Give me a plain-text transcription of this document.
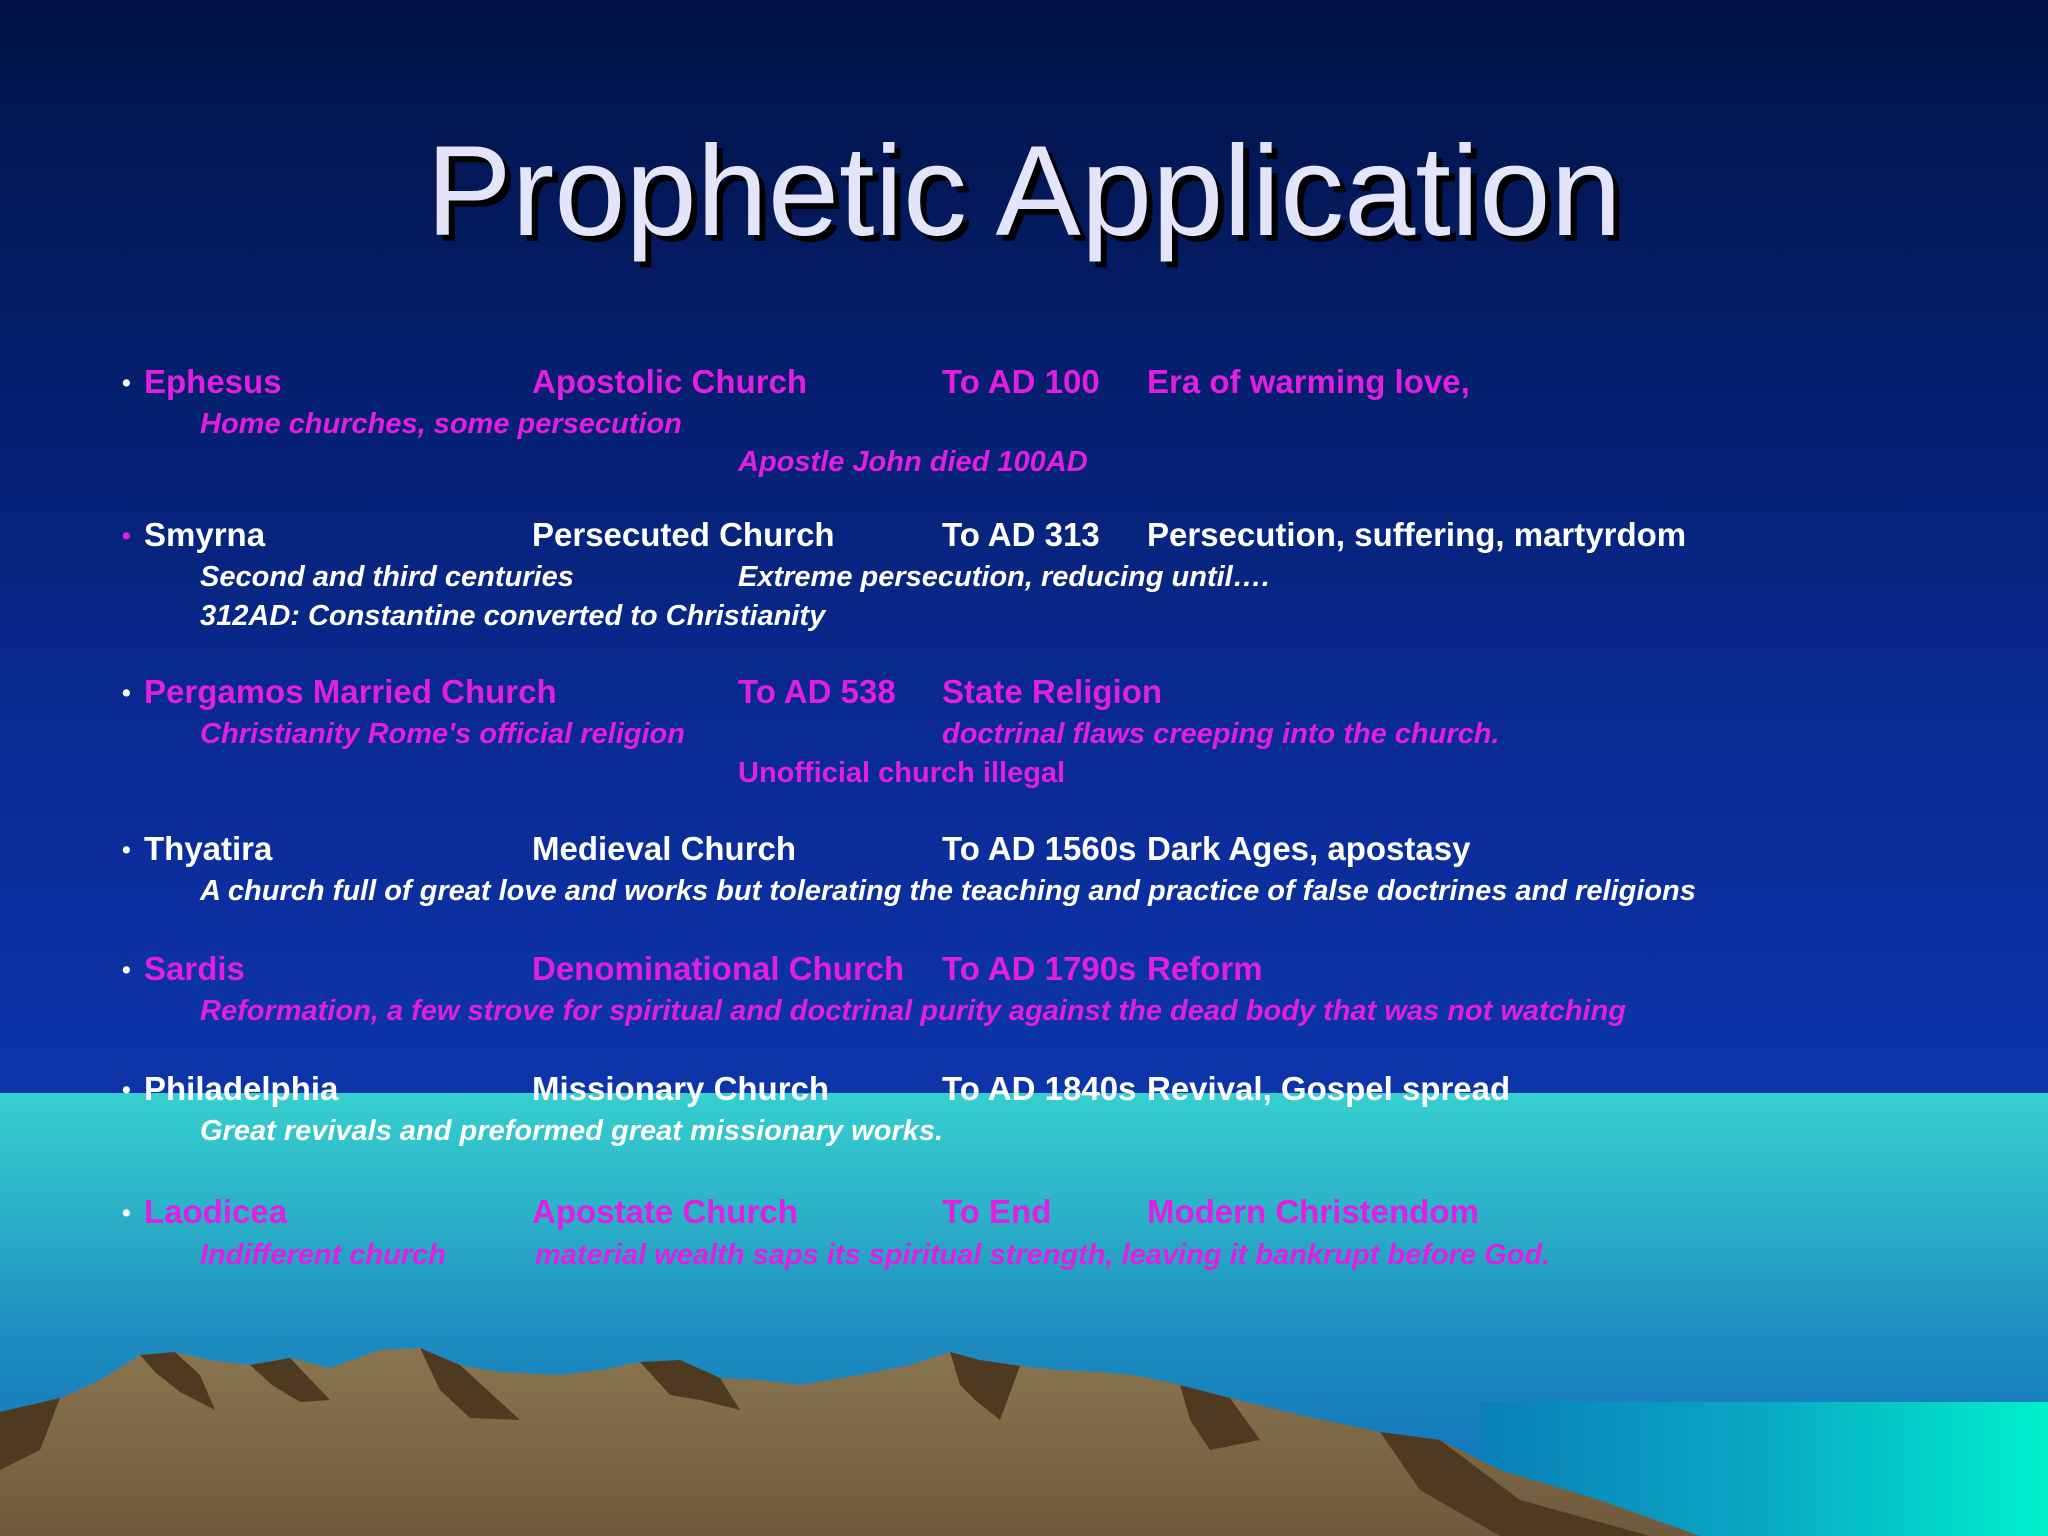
Prophetic Application
• Ephesus	Apostolic Church	To AD 100 Era of warming love,
Home churches, some persecution
Apostle John died 100AD
• Smyrna	Persecuted Church	To AD 313 Persecution, suffering, martyrdom
Second and third centuries	Extreme persecution, reducing until….
312AD: Constantine converted to Christianity
• Pergamos Married Church	To AD 538 State Religion
Christianity Rome's official religion	doctrinal flaws creeping into the church.
Unofficial church illegal
• Thyatira	Medieval Church	To AD 1560s Dark Ages, apostasy
A church full of great love and works but tolerating the teaching and practice of false doctrines and religions
• Sardis	Denominational Church To AD 1790s Reform
Reformation, a few strove for spiritual and doctrinal purity against the dead body that was not watching
• Philadelphia	Missionary Church	To AD 1840s Revival, Gospel spread
Great revivals and preformed great missionary works.
• Laodicea	Apostate Church	To End	Modern Christendom
Indifferent church	material wealth saps its spiritual strength, leaving it bankrupt before God.
